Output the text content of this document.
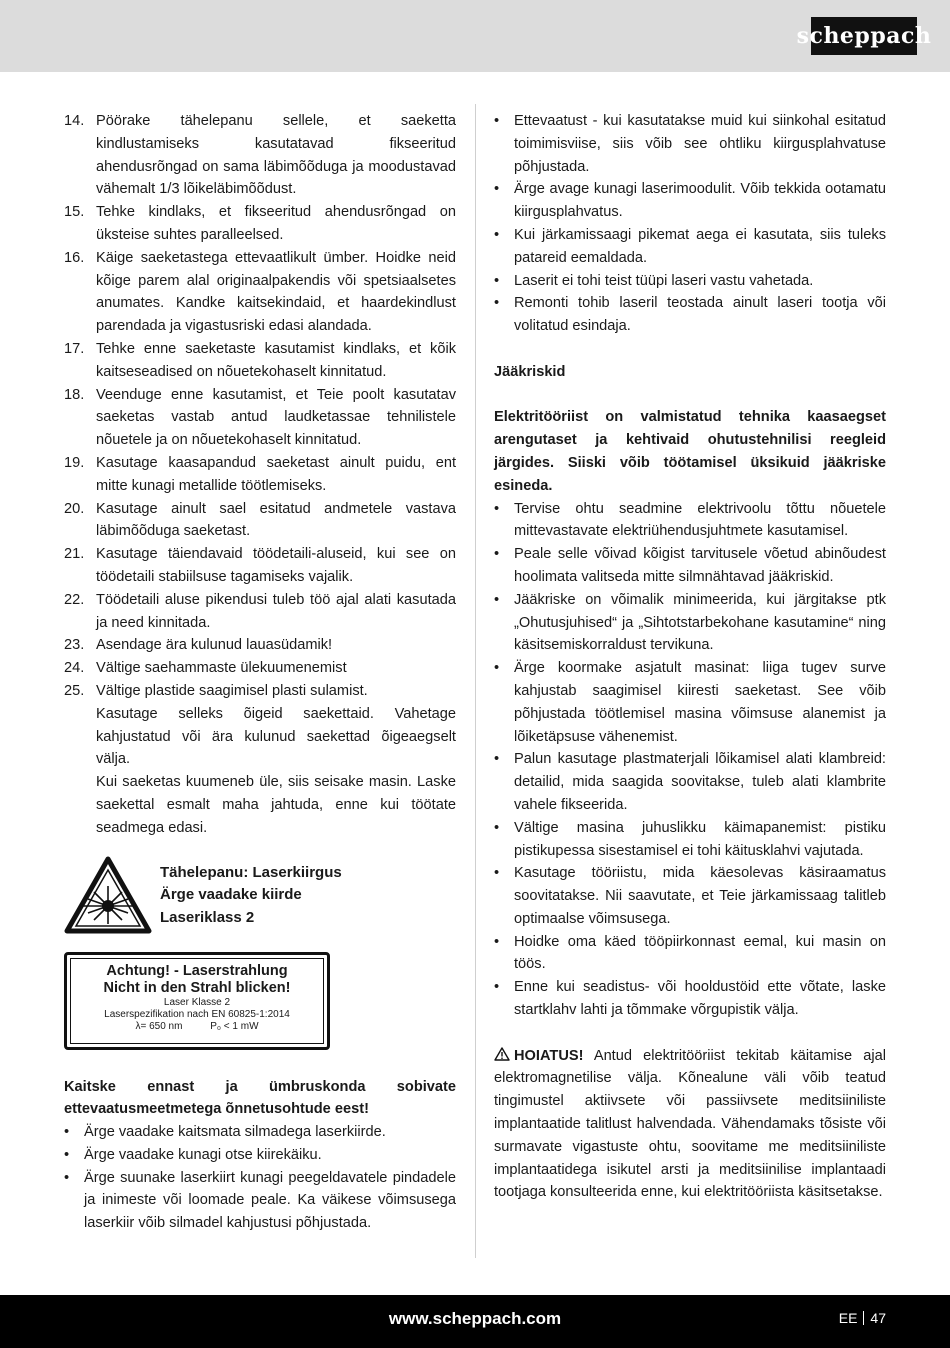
scheppach
14. Pöörake tähelepanu sellele, et saeketta kindlustamiseks kasutatavad fikseeritud ahendusrõngad on sama läbimõõduga ja moodustavad vähemalt 1/3 lõikeläbimõõdust.
15. Tehke kindlaks, et fikseeritud ahendusrõngad on üksteise suhtes paralleelsed.
16. Käige saeketastega ettevaatlikult ümber. Hoidke neid kõige parem alal originaalpakendis või spetsiaalsetes anumates. Kandke kaitsekindaid, et haardekindlust parendada ja vigastusriski edasi alandada.
17. Tehke enne saeketaste kasutamist kindlaks, et kõik kaitseseadised on nõuetekohaselt kinnitatud.
18. Veenduge enne kasutamist, et Teie poolt kasutatav saeketas vastab antud laudketassae tehnilistele nõuetele ja on nõuetekohaselt kinnitatud.
19. Kasutage kaasapandud saeketast ainult puidu, ent mitte kunagi metallide töötlemiseks.
20. Kasutage ainult sael esitatud andmetele vastava läbimõõduga saeketast.
21. Kasutage täiendavaid töödetaili-aluseid, kui see on töödetaili stabiilsuse tagamiseks vajalik.
22. Töödetaili aluse pikendusi tuleb töö ajal alati kasutada ja need kinnitada.
23. Asendage ära kulunud lauasüdamik!
24. Vältige saehammaste ülekuumenemist
25. Vältige plastide saagimisel plasti sulamist.
Kasutage selleks õigeid saekettaid. Vahetage kahjustatud või ära kulunud saekettad õigeaegselt välja.
Kui saeketas kuumeneb üle, siis seisake masin. Laske saekettal esmalt maha jahtuda, enne kui töötate seadmega edasi.
Tähelepanu: Laserkiirgus
Ärge vaadake kiirde
Laseriklass 2
Achtung! - Laserstrahlung
Nicht in den Strahl blicken!
Laser Klasse 2
Laserspezifikation nach EN 60825-1:2014
λ= 650 nm          P₀ < 1 mW
Kaitske ennast ja ümbruskonda sobivate ettevaatusmeetmetega õnnetusohtude eest!
•	Ärge vaadake kaitsmata silmadega laserkiirde.
•	Ärge vaadake kunagi otse kiirekäiku.
•	Ärge suunake laserkiirt kunagi peegeldavatele pindadele ja inimeste või loomade peale. Ka väikese võimsusega laserkiir võib silmadel kahjustusi põhjustada.
•	Ettevaatust - kui kasutatakse muid kui siinkohal esitatud toimimisviise, siis võib see ohtliku kiirgusplahvatuse põhjustada.
•	Ärge avage kunagi laserimoodulit. Võib tekkida ootamatu kiirgusplahvatus.
•	Kui järkamissaagi pikemat aega ei kasutata, siis tuleks patareid eemaldada.
•	Laserit ei tohi teist tüüpi laseri vastu vahetada.
•	Remonti tohib laseril teostada ainult laseri tootja või volitatud esindaja.
Jääkriskid
Elektritööriist on valmistatud tehnika kaasaegset arengutaset ja kehtivaid ohutustehnilisi reegleid järgides. Siiski võib töötamisel üksikuid jääkriske esineda.
•	Tervise ohtu seadmine elektrivoolu tõttu nõuetele mittevastavate elektriühendusjuhtmete kasutamisel.
•	Peale selle võivad kõigist tarvitusele võetud abinõudest hoolimata valitseda mitte silmnähtavad jääkriskid.
•	Jääkriske on võimalik minimeerida, kui järgitakse ptk „Ohutusjuhised“ ja „Sihtotstarbekohane kasutamine“ ning käsitsemiskorraldust tervikuna.
•	Ärge koormake asjatult masinat: liiga tugev surve kahjustab saagimisel kiiresti saeketast. See võib põhjustada töötlemisel masina võimsuse alanemist ja lõiketäpsuse vähenemist.
•	Palun kasutage plastmaterjali lõikamisel alati klambreid: detailid, mida saagida soovitakse, tuleb alati klambrite vahele fikseerida.
•	Vältige masina juhuslikku käimapanemist: pistiku pistikupessa sisestamisel ei tohi käitusklahvi vajutada.
•	Kasutage tööriistu, mida käesolevas käsiraamatus soovitatakse. Nii saavutate, et Teie järkamissaag talitleb optimaalse võimsusega.
•	Hoidke oma käed tööpiirkonnast eemal, kui masin on töös.
•	Enne kui seadistus- või hooldustöid ette võtate, laske startklahv lahti ja tõmmake võrgupistik välja.
HOIATUS! Antud elektritööriist tekitab käitamise ajal elektromagnetilise välja. Kõnealune väli võib teatud tingimustel aktiivsete või passiivsete meditsiiniliste implantaatide talitlust halvendada. Vähendamaks tõsiste või surmavate vigastuste ohtu, soovitame me meditsiiniliste implantaatidega isikutel arsti ja meditsiinilise implantaadi tootjaga konsulteerida enne, kui elektritööriista käsitsetakse.
www.scheppach.com	EE 47
